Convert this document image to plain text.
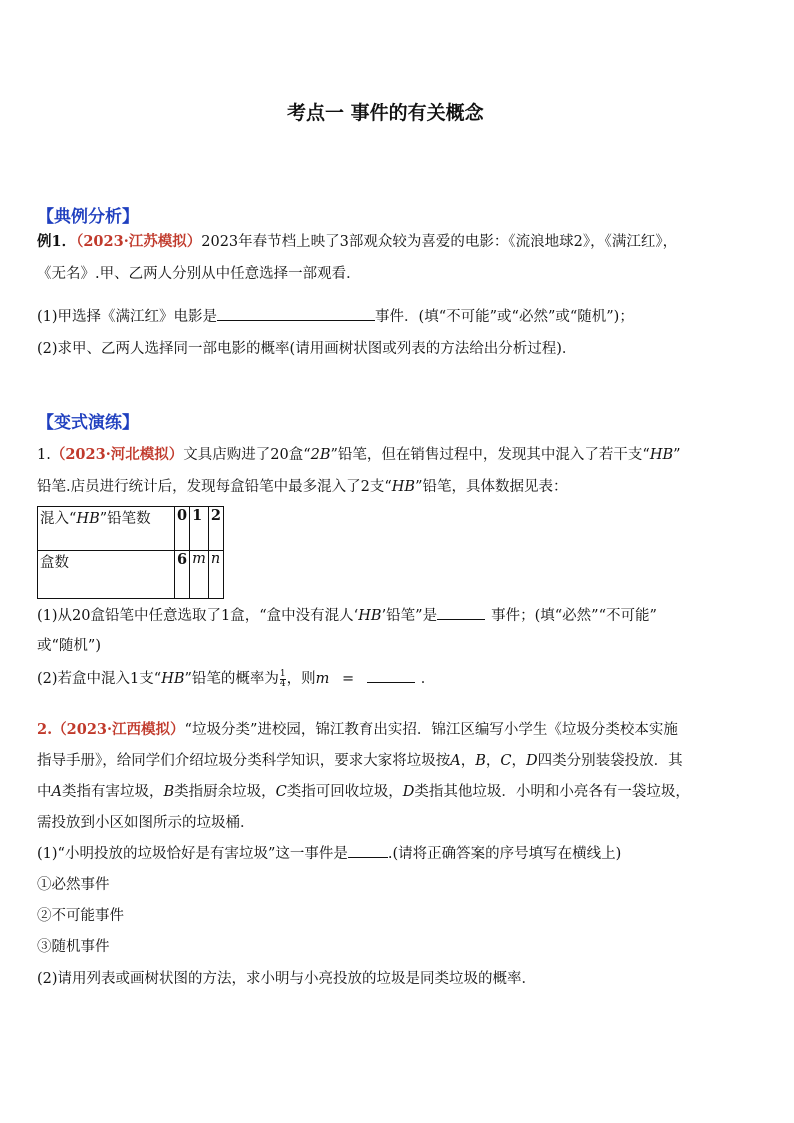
考点一 事件的有关概念
【典例分析】
例1．（2023·江苏模拟）2023年春节档上映了3部观众较为喜爱的电影：《流浪地球2》，《满江红》，
《无名》.甲、乙两人分别从中任意选择一部观看．
(1)甲选择《满江红》电影是	事件．(填“不可能”或“必然”或“随机”)；
(2)求甲、乙两人选择同一部电影的概率(请用画树状图或列表的方法给出分析过程)．
【变式演练】
1.（2023·河北模拟）文具店购进了20盒“2B”铅笔，但在销售过程中，发现其中混入了若干支“HB”
铅笔.店员进行统计后，发现每盒铅笔中最多混入了2支“HB”铅笔，具体数据见表：
混入“HB”铅笔数	0	1	2
盒数	6	m	n
(1)从20盒铅笔中任意选取了1盒，“盒中没有混人‘HB’铅笔”是	事件；(填“必然”“不可能”
或“随机”)
(2)若盒中混入1支“HB”铅笔的概率为 $\frac{1}{4}$ ，则m =	．
2.（2023·江西模拟）“垃圾分类”进校园，锦江教育出实招．锦江区编写小学生《垃圾分类校本实施
指导手册》，给同学们介绍垃圾分类科学知识，要求大家将垃圾按A，B，C，D四类分别装袋投放．其
中A类指有害垃圾，B类指厨余垃圾，C类指可回收垃圾，D类指其他垃圾．小明和小亮各有一袋垃圾，
需投放到小区如图所示的垃圾桶．
(1)“小明投放的垃圾恰好是有害垃圾”这一事件是	.(请将正确答案的序号填写在横线上)
①必然事件
②不可能事件
③随机事件
(2)请用列表或画树状图的方法，求小明与小亮投放的垃圾是同类垃圾的概率．
